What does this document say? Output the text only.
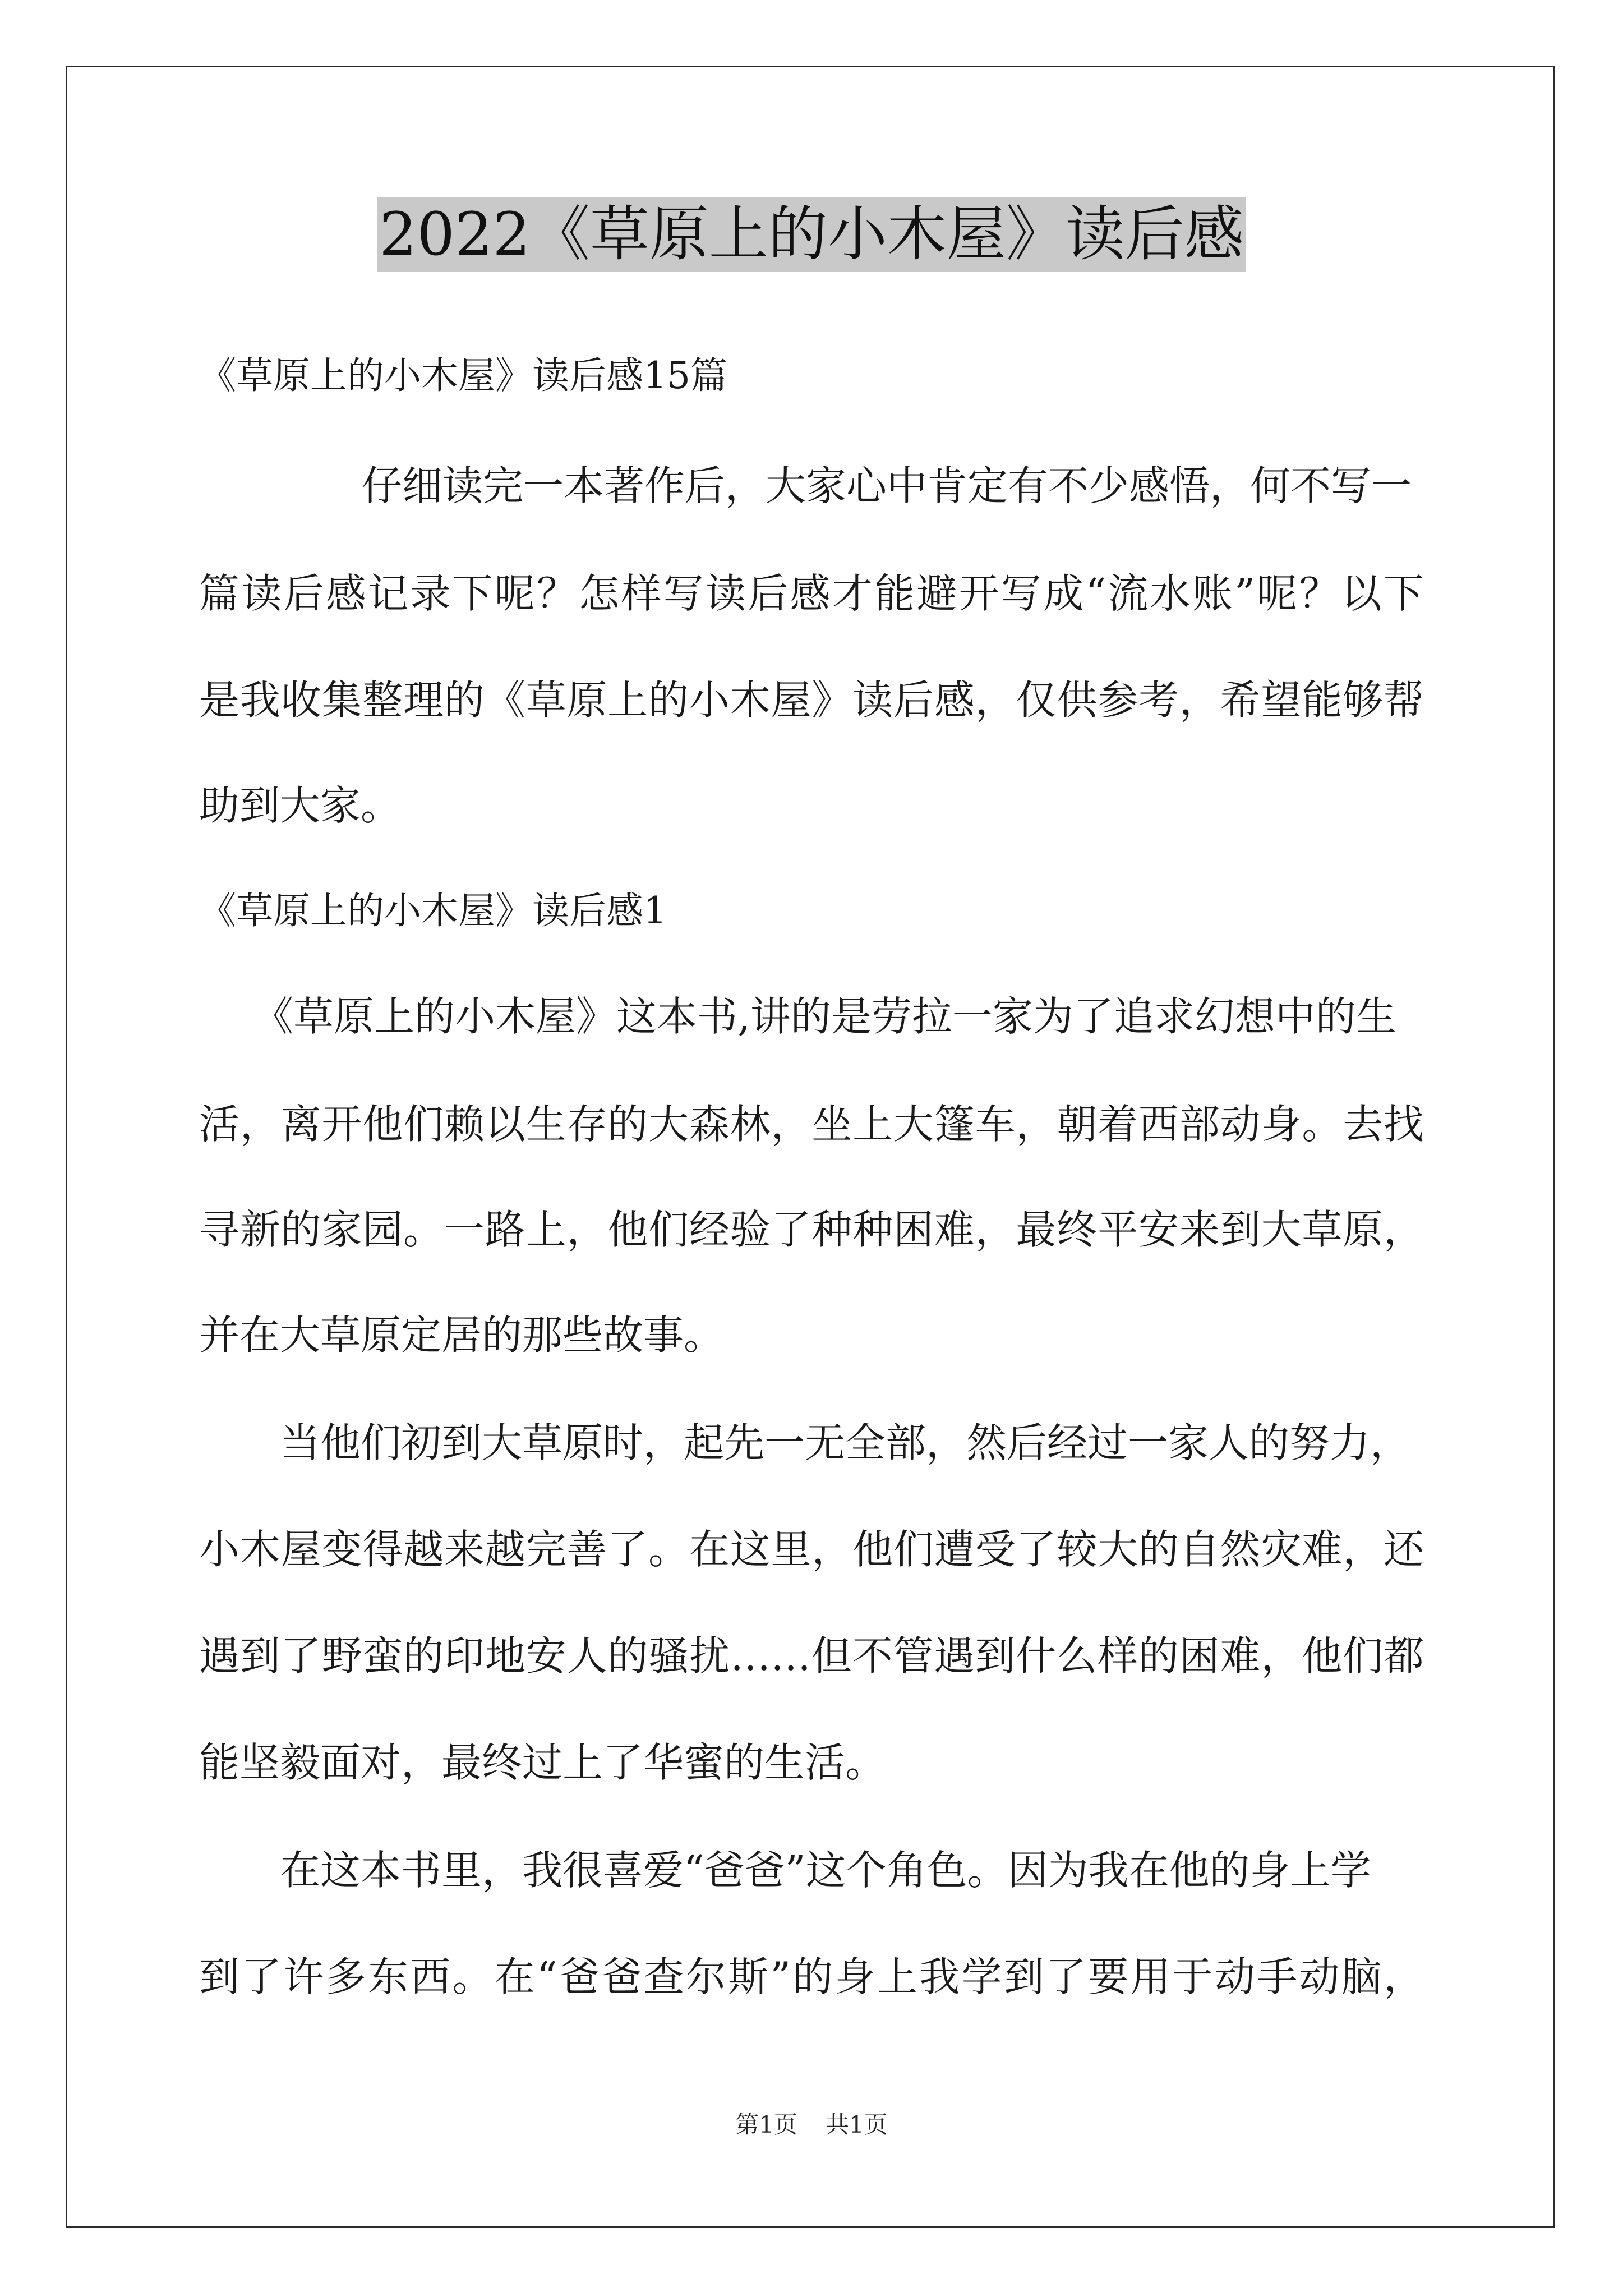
2022《草原上的小木屋》读后感
《草原上的小木屋》读后感15篇
仔细读完一本著作后，大家心中肯定有不少感悟，何不写一
篇读后感记录下呢？怎样写读后感才能避开写成“流水账”呢？以下
是我收集整理的《草原上的小木屋》读后感，仅供参考，希望能够帮
助到大家。
《草原上的小木屋》读后感1
《草原上的小木屋》这本书,讲的是劳拉一家为了追求幻想中的生
活，离开他们赖以生存的大森林，坐上大篷车，朝着西部动身。去找
寻新的家园。一路上，他们经验了种种困难，最终平安来到大草原，
并在大草原定居的那些故事。
当他们初到大草原时，起先一无全部，然后经过一家人的努力，
小木屋变得越来越完善了。在这里，他们遭受了较大的自然灾难，还
遇到了野蛮的印地安人的骚扰……但不管遇到什么样的困难，他们都
能坚毅面对，最终过上了华蜜的生活。
在这本书里，我很喜爱“爸爸”这个角色。因为我在他的身上学
到了许多东西。在“爸爸查尔斯”的身上我学到了要用于动手动脑，
第1页 共1页
